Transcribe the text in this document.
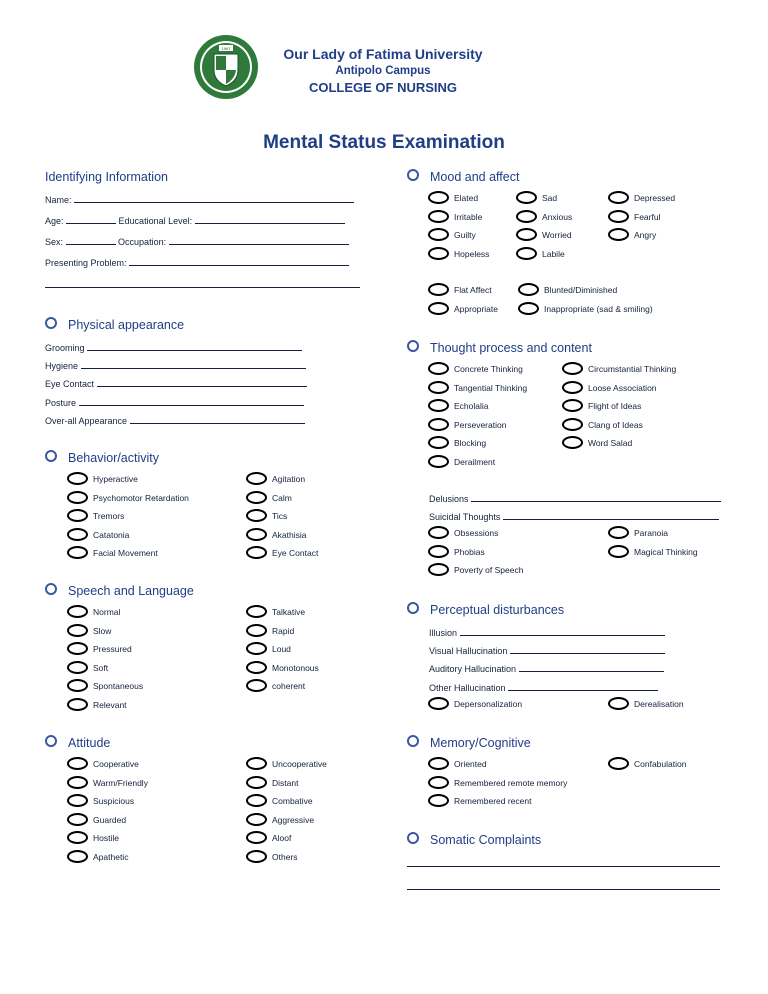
1967	Our Lady of Fatima University
Antipolo Campus
COLLEGE OF NURSING
Mental Status Examination
Identifying Information
Name:
Age:	Educational Level:
Sex:	Occupation:
Presenting Problem:
Physical appearance
Grooming
Hygiene
Eye Contact
Posture
Over-all Appearance
Behavior/activity
Hyperactive
Psychomotor Retardation
Tremors
Catatonia
Facial Movement
Agitation
Calm
Tics
Akathisia
Eye Contact
Speech and Language
Normal
Slow
Pressured
Soft
Spontaneous
Relevant
Talkative
Rapid
Loud
Monotonous
coherent
Attitude
Cooperative
Warm/Friendly
Suspicious
Guarded
Hostile
Apathetic
Uncooperative
Distant
Combative
Aggressive
Aloof
Others
Mood and affect
Elated
Irritable
Guilty
Hopeless
Sad
Anxious
Worried
Labile
Depressed
Fearful
Angry
Flat Affect
Appropriate
Blunted/Diminished
Inappropriate (sad & smiling)
Thought process and content
Concrete Thinking
Tangential Thinking
Echolalia
Perseveration
Blocking
Derailment
Circumstantial Thinking
Loose Association
Flight of Ideas
Clang of Ideas
Word Salad
Delusions
Suicidal Thoughts
Obsessions
Phobias
Poverty of Speech
Paranoia
Magical Thinking
Perceptual disturbances
Illusion
Visual Hallucination
Auditory Hallucination
Other Hallucination
Depersonalization	Derealisation
Memory/Cognitive
Oriented
Remembered remote memory
Remembered recent
Confabulation
Somatic Complaints
